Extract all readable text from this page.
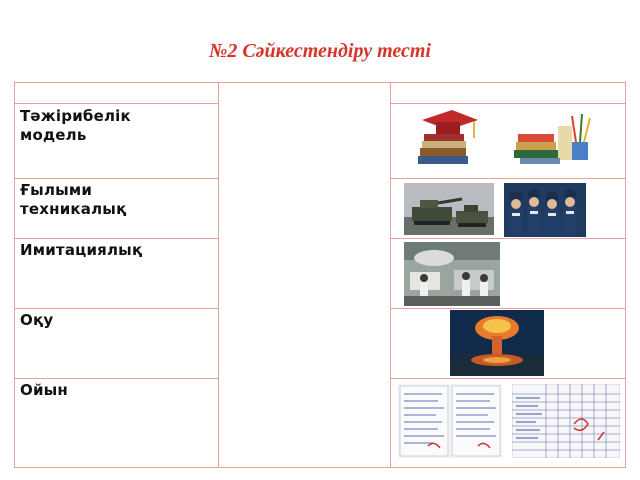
№2 Сәйкестендіру тесті
Тәжірибелік модель
Ғылыми техникалық
Имитациялық
Оқу
Ойын
